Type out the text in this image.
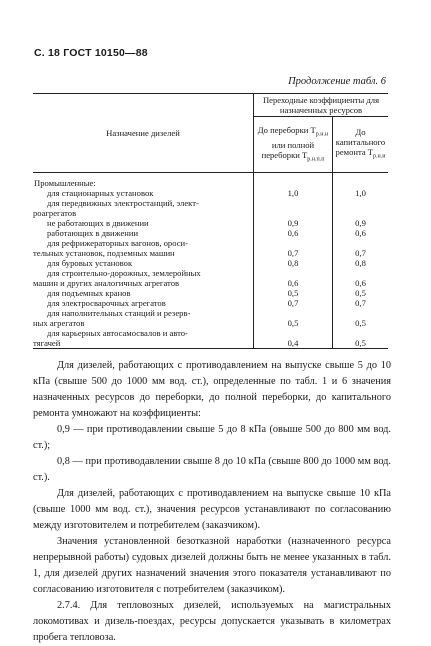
С. 18 ГОСТ 10150—88
Продолжение табл. 6
Назначение дизелей	Переходные коэффициенты для назначенных ресурсов	
	До переборки $T_{р.н.н}$
или полной
переборки $T_{р.н.п.п}$	До капитального
ремонта $T_{р.н.и}$
Промышленные:		
для стационарных установок	1,0	1,0
для передвижных электростанций, элект-
роагрегатов		
не работающих в движении	0,9	0,9
работающих в движении	0,6	0,6
для рефрижераторных вагонов, ороси-
тельных установок, подземных машин	0,7	0,7
для буровых установок	0,8	0,8
для строительно-дорожных, землеройных
машин и других аналогичных агрегатов	0,6	0,6
для подъемных кранов	0,5	0,5
для электросварочных агрегатов	0,7	0,7
для наполнительных станций и резерв-
ных агрегатов	0,5	0,5
для карьерных автосамосвалов и авто-
тягачей	0,4	0,5
Для дизелей, работающих с противодавлением на выпуске свыше 5 до 10 кПа (свыше 500 до 1000 мм вод. ст.), определенные по табл. 1 и 6 значения назначенных ресурсов до переборки, до полной переборки, до капитального ремонта умножают на коэффициенты:
0,9 — при противодавлении свыше 5 до 8 кПа (овыше 500 до 800 мм вод. ст.);
0,8 — при противодавлении свыше 8 до 10 кПа (свыше 800 до 1000 мм вод. ст.).
Для дизелей, работающих с противодавлением на выпуске свыше 10 кПа (свыше 1000 мм вод. ст.), значения ресурсов устанавливают по согласованию между изготовителем и потребителем (заказчиком).
Значения установленной безотказной наработки (назначенного ресурса непрерывной работы) судовых дизелей должны быть не менее указанных в табл. 1, для дизелей других назначений значения этого показателя устанавливают по согласованию изготовителя с потребителем (заказчиком).
2.7.4. Для тепловозных дизелей, используемых на магистральных локомотивах и дизель-поездах, ресурсы допускается указывать в километрах пробега тепловоза.
